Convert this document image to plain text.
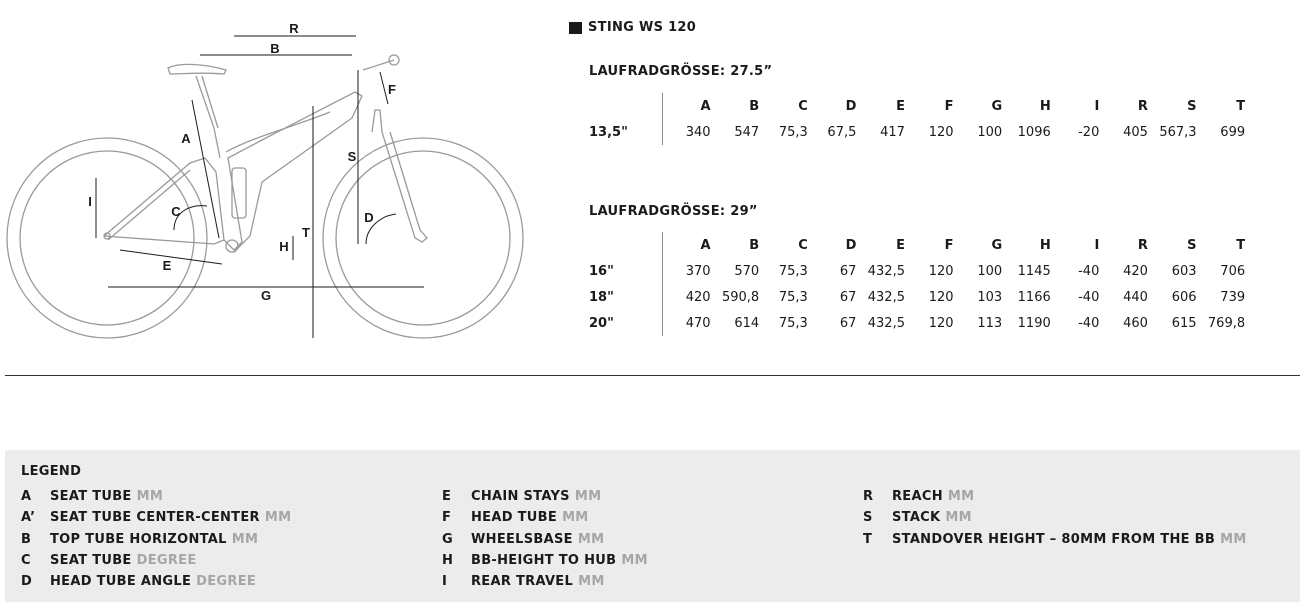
R
B
A
F
S
I
C	D
H
T
E
G
STING WS 120
LAUFRADGRÖSSE: 27.5”
	A	B	C	D	E	F	G	H	I	R	S	T
13,5"	340	547	75,3	67,5	417	120	100	1096	-20	405	567,3	699
LAUFRADGRÖSSE: 29”
	A	B	C	D	E	F	G	H	I	R	S	T
16"	370	570	75,3	67	432,5	120	100	1145	-40	420	603	706
18"	420	590,8	75,3	67	432,5	120	103	1166	-40	440	606	739
20"	470	614	75,3	67	432,5	120	113	1190	-40	460	615	769,8
LEGEND
A	SEAT TUBE MM
A’	SEAT TUBE CENTER-CENTER MM
B	TOP TUBE HORIZONTAL MM
C	SEAT TUBE DEGREE
D	HEAD TUBE ANGLE DEGREE
E	CHAIN STAYS MM
F	HEAD TUBE MM
G	WHEELSBASE MM
H	BB-HEIGHT TO HUB MM
I	REAR TRAVEL MM
R	REACH MM
S	STACK MM
T	STANDOVER HEIGHT – 80MM FROM THE BB MM
